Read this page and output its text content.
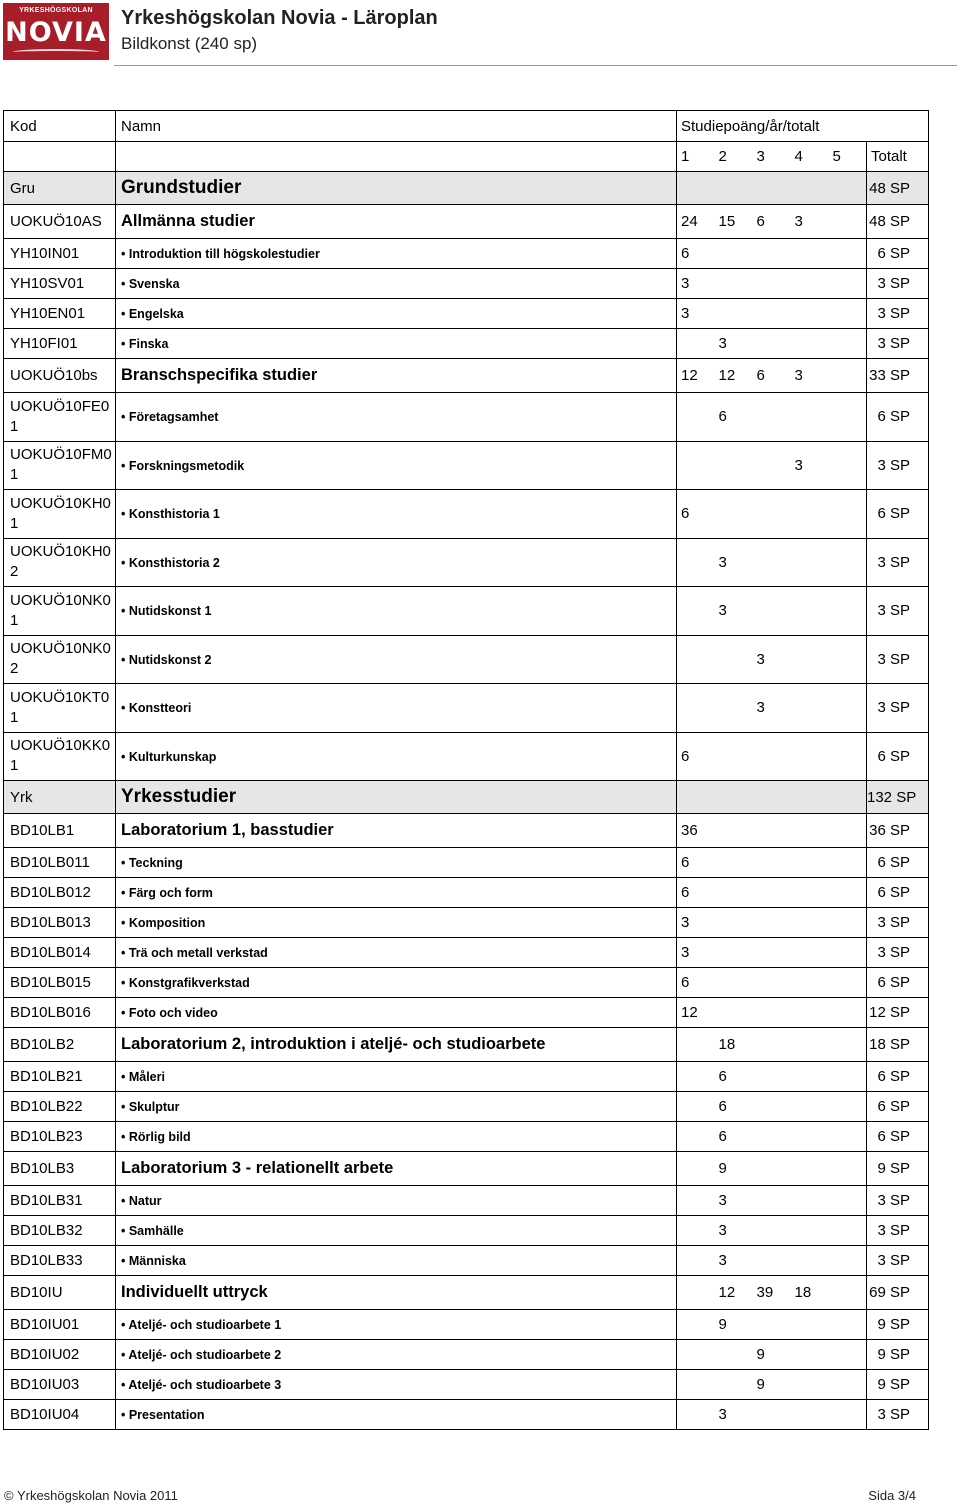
YRKESHÖGSKOLAN
NOVIA Yrkeshögskolan Novia - Läroplan
Bildkonst (240 sp)
Kod	Namn	Studiepoäng/år/totalt					
		1	2	3	4	5	Totalt
Gru	Grundstudier						48 SP
UOKUÖ10AS	Allmänna studier	24	15	6	3		48 SP
YH10IN01	• Introduktion till högskolestudier	6					6 SP
YH10SV01	• Svenska	3					3 SP
YH10EN01	• Engelska	3					3 SP
YH10FI01	• Finska		3				3 SP
UOKUÖ10bs	Branschspecifika studier	12	12	6	3		33 SP
UOKUÖ10FE0 1	• Företagsamhet		6				6 SP
UOKUÖ10FM0 1	• Forskningsmetodik				3		3 SP
UOKUÖ10KH0 1	• Konsthistoria 1	6					6 SP
UOKUÖ10KH0 2	• Konsthistoria 2		3				3 SP
UOKUÖ10NK0 1	• Nutidskonst 1		3				3 SP
UOKUÖ10NK0 2	• Nutidskonst 2			3			3 SP
UOKUÖ10KT0 1	• Konstteori			3			3 SP
UOKUÖ10KK0 1	• Kulturkunskap	6					6 SP
Yrk	Yrkesstudier						132 SP
BD10LB1	Laboratorium 1, basstudier	36					36 SP
BD10LB011	• Teckning	6					6 SP
BD10LB012	• Färg och form	6					6 SP
BD10LB013	• Komposition	3					3 SP
BD10LB014	• Trä och metall verkstad	3					3 SP
BD10LB015	• Konstgrafikverkstad	6					6 SP
BD10LB016	• Foto och video	12					12 SP
BD10LB2	Laboratorium 2, introduktion i ateljé- och studioarbete		18				18 SP
BD10LB21	• Måleri		6				6 SP
BD10LB22	• Skulptur		6				6 SP
BD10LB23	• Rörlig bild		6				6 SP
BD10LB3	Laboratorium 3 - relationellt arbete		9				9 SP
BD10LB31	• Natur		3				3 SP
BD10LB32	• Samhälle		3				3 SP
BD10LB33	• Människa		3				3 SP
BD10IU	Individuellt uttryck		12	39	18		69 SP
BD10IU01	• Ateljé- och studioarbete 1		9				9 SP
BD10IU02	• Ateljé- och studioarbete 2			9			9 SP
BD10IU03	• Ateljé- och studioarbete 3			9			9 SP
BD10IU04	• Presentation		3				3 SP
© Yrkeshögskolan Novia 2011	Sida 3/4
